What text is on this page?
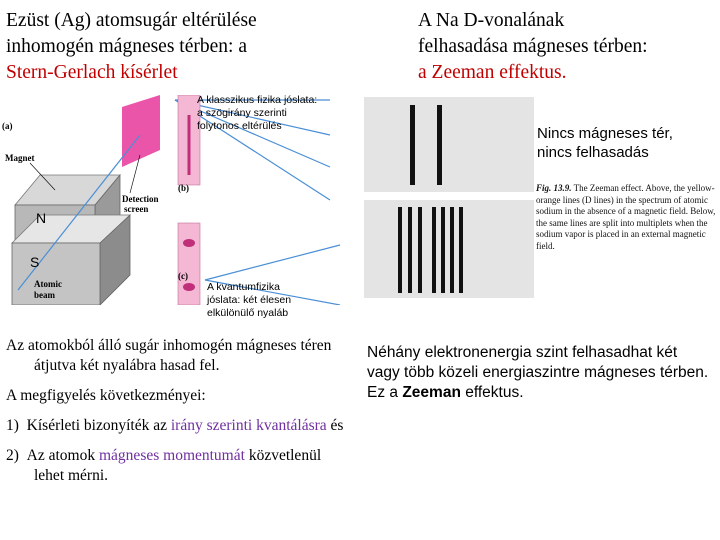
Ezüst (Ag) atomsugár eltérülése
inhomogén mágneses térben: a
Stern-Gerlach kísérlet
A Na D-vonalának
felhasadása mágneses térben:
a Zeeman effektus.
(a)
(b)
(c)
Magnet
Detection
screen
N
S
Atomic
beam
A klasszikus fizika jóslata:
a szögirány szerinti
folytonos eltérülés
A kvantumfizika
jóslata: két élesen
elkülönülő nyaláb
Nincs mágneses tér,
nincs felhasadás
Fig. 13.9. The Zeeman effect. Above, the yellow-orange lines (D lines) in the spectrum of atomic sodium in the absence of a magnetic field. Below, the same lines are split into multiplets when the sodium vapor is placed in an external magnetic field.

Az atomokból álló sugár inhomogén mágneses téren átjutva két nyalábra hasad fel.

A megfigyelés következményei:

1) Kísérleti bizonyíték az irány szerinti kvantálásra és

2) Az atomok mágneses momentumát közvetlenül lehet mérni.

Néhány elektronenergia szint felhasadhat két vagy több közeli energiaszintre mágneses térben. Ez a Zeeman effektus.
